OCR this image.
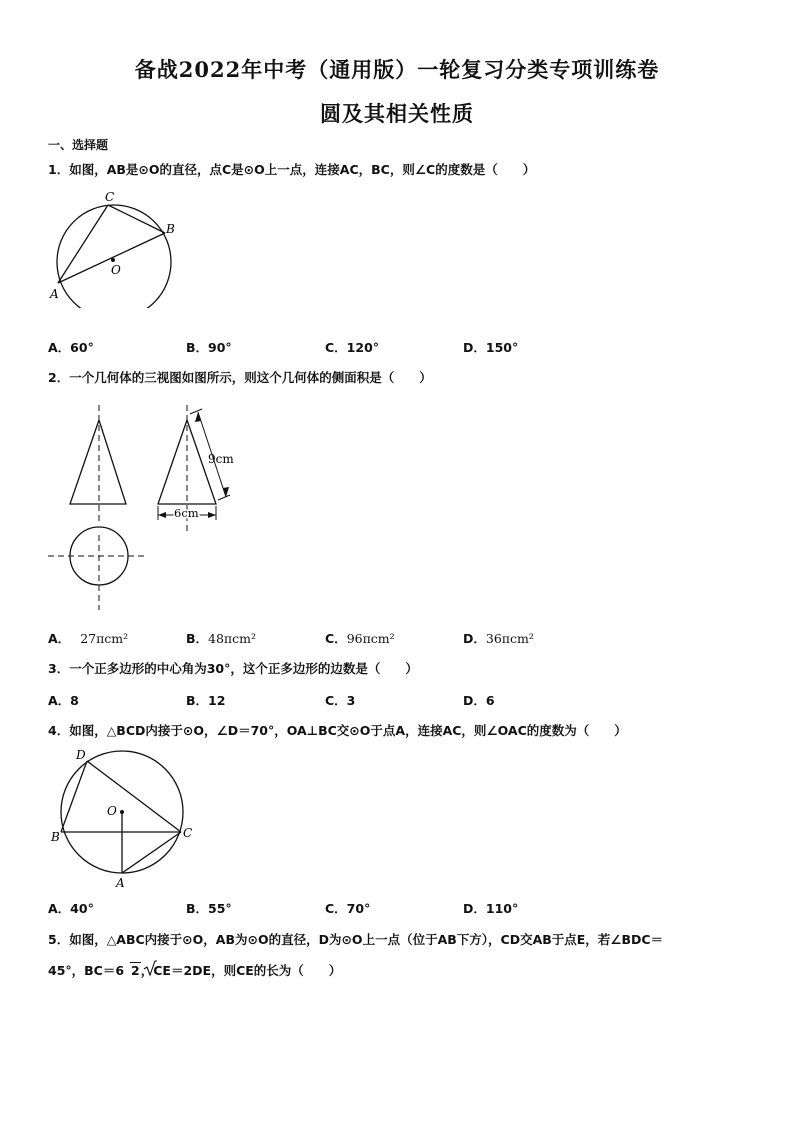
备战2022年中考（通用版）一轮复习分类专项训练卷
圆及其相关性质
一、选择题
1．如图，AB是⊙O的直径，点C是⊙O上一点，连接AC，BC，则∠C的度数是（　　）
C
B
O
A
A．60°	B．90°	C．120°	D．150°
2．一个几何体的三视图如图所示，则这个几何体的侧面积是（　　）
9cm
6cm
A． 27πcm²	B．48πcm²	C．96πcm²	D．36πcm²
3．一个正多边形的中心角为30°，这个正多边形的边数是（　　）
A．8	B．12	C．3	D．6
4．如图，△BCD内接于⊙O，∠D＝70°，OA⊥BC交⊙O于点A，连接AC，则∠OAC的度数为（　　）
D
O
B	C
A
A．40°	B．55°	C．70°	D．110°
5．如图，△ABC内接于⊙O，AB为⊙O的直径，D为⊙O上一点（位于AB下方），CD交AB于点E，若∠BDC＝
45°，BC＝6 2，CE＝2DE，则CE的长为（　　）
